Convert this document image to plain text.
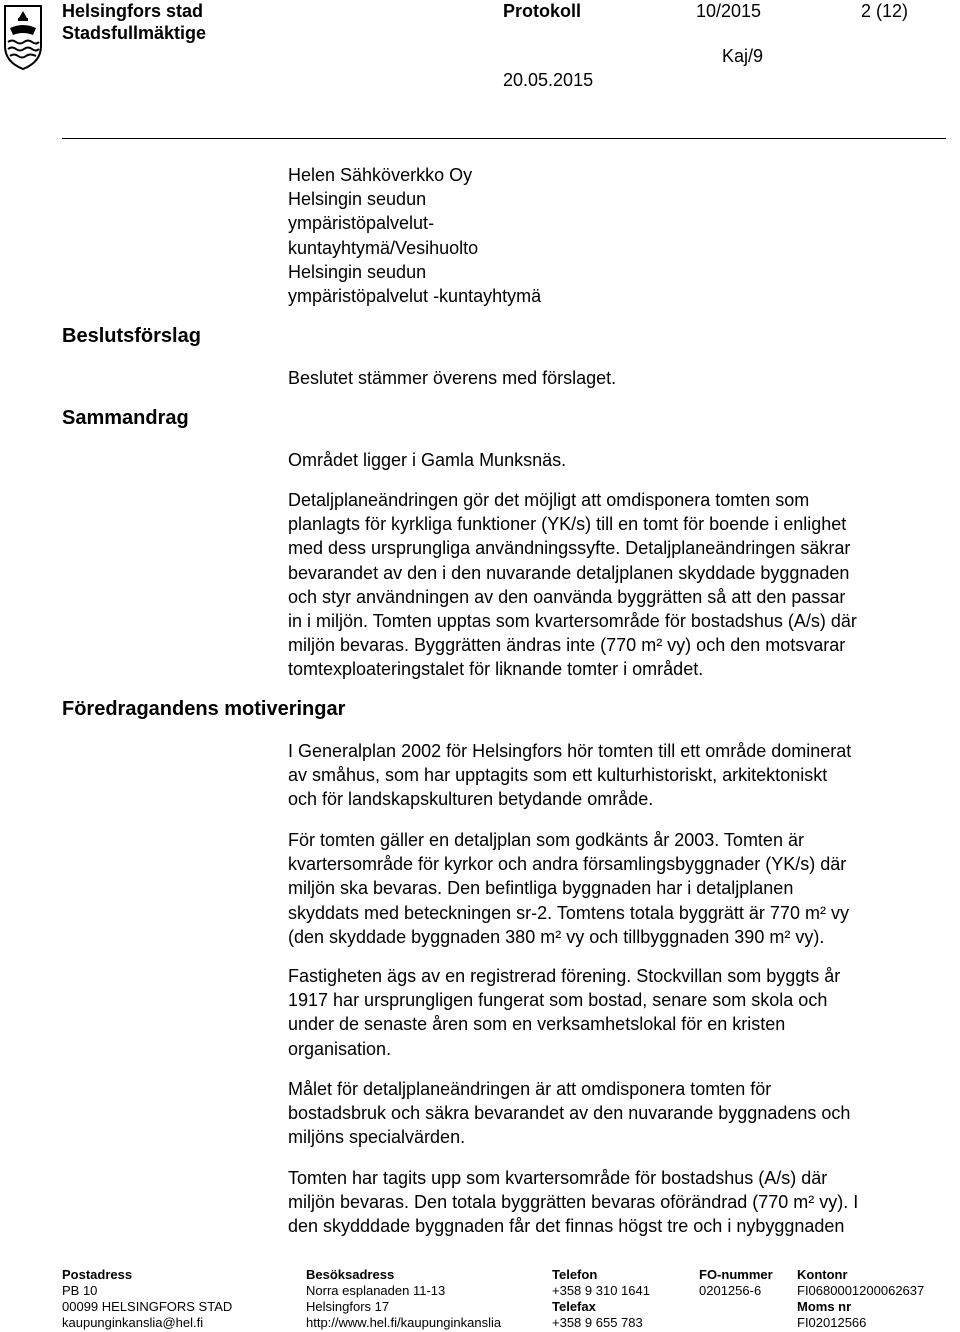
Helsingfors stad
Stadsfullmäktige
Protokoll	10/2015	2 (12)
Kaj/9
20.05.2015

Helen Sähköverkko Oy

Helsingin seudun

ympäristöpalvelut-

kuntayhtymä/Vesihuolto

Helsingin seudun

ympäristöpalvelut -kuntayhtymä

Beslutsförslag
Sammandrag
Föredragandens motiveringar
Beslutet stämmer överens med förslaget.
Området ligger i Gamla Munksnäs.

Detaljplaneändringen gör det möjligt att omdisponera tomten som

planlagts för kyrkliga funktioner (YK/s) till en tomt för boende i enlighet

med dess ursprungliga användningssyfte. Detaljplaneändringen säkrar

bevarandet av den i den nuvarande detaljplanen skyddade byggnaden

och styr användningen av den oanvända byggrätten så att den passar

in i miljön. Tomten upptas som kvartersområde för bostadshus (A/s) där

miljön bevaras. Byggrätten ändras inte (770 m² vy) och den motsvarar

tomtexploateringstalet för liknande tomter i området.

I Generalplan 2002 för Helsingfors hör tomten till ett område dominerat

av småhus, som har upptagits som ett kulturhistoriskt, arkitektoniskt

och för landskapskulturen betydande område.

För tomten gäller en detaljplan som godkänts år 2003. Tomten är

kvartersområde för kyrkor och andra församlingsbyggnader (YK/s) där

miljön ska bevaras. Den befintliga byggnaden har i detaljplanen

skyddats med beteckningen sr-2. Tomtens totala byggrätt är 770 m² vy

(den skyddade byggnaden 380 m² vy och tillbyggnaden 390 m² vy).

Fastigheten ägs av en registrerad förening. Stockvillan som byggts år

1917 har ursprungligen fungerat som bostad, senare som skola och

under de senaste åren som en verksamhetslokal för en kristen

organisation.

Målet för detaljplaneändringen är att omdisponera tomten för

bostadsbruk och säkra bevarandet av den nuvarande byggnadens och

miljöns specialvärden.

Tomten har tagits upp som kvartersområde för bostadshus (A/s) där

miljön bevaras. Den totala byggrätten bevaras oförändrad (770 m² vy). I

den skydddade byggnaden får det finnas högst tre och i nybyggnaden

Postadress
PB 10
00099 HELSINGFORS STAD
kaupunginkanslia@hel.fi
Besöksadress
Norra esplanaden 11-13
Helsingfors 17
http://www.hel.fi/kaupunginkanslia
Telefon
+358 9 310 1641
Telefax
+358 9 655 783
FO-nummer
0201256-6
Kontonr
FI0680001200062637
Moms nr
FI02012566
